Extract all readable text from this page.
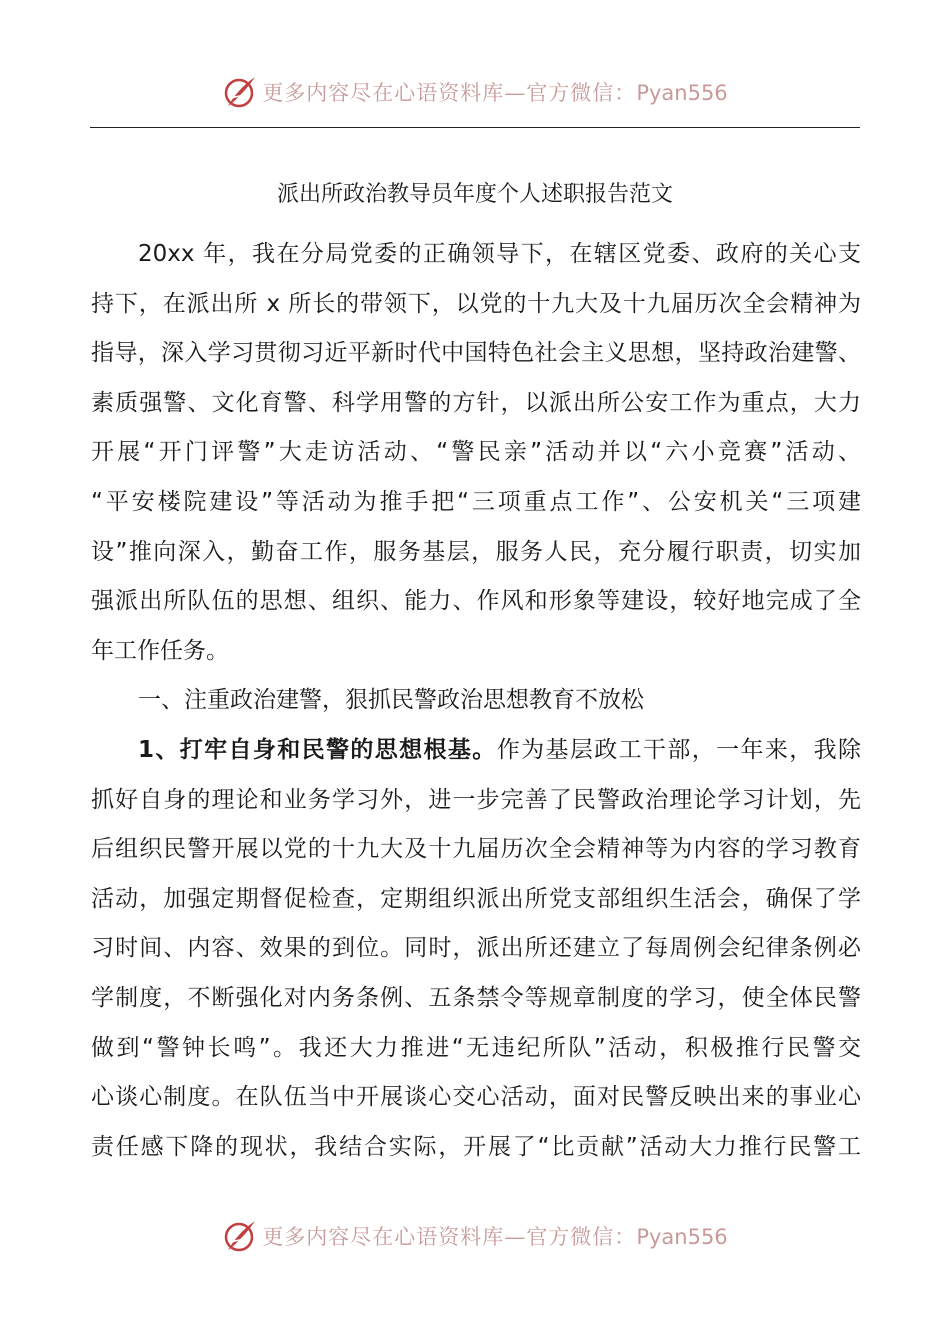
更多内容尽在心语资料库—官方微信：Pyan556
派出所政治教导员年度个人述职报告范文
20xx 年，我在分局党委的正确领导下，在辖区党委、政府的关心支
持下，在派出所 x 所长的带领下，以党的十九大及十九届历次全会精神为
指导，深入学习贯彻习近平新时代中国特色社会主义思想，坚持政治建警、
素质强警、文化育警、科学用警的方针，以派出所公安工作为重点，大力
开展“开门评警”大走访活动、“警民亲”活动并以“六小竞赛”活动、
“平安楼院建设”等活动为推手把“三项重点工作”、公安机关“三项建
设”推向深入，勤奋工作，服务基层，服务人民，充分履行职责，切实加
强派出所队伍的思想、组织、能力、作风和形象等建设，较好地完成了全
年工作任务。
一、注重政治建警，狠抓民警政治思想教育不放松
1、打牢自身和民警的思想根基。作为基层政工干部，一年来，我除
抓好自身的理论和业务学习外，进一步完善了民警政治理论学习计划，先
后组织民警开展以党的十九大及十九届历次全会精神等为内容的学习教育
活动，加强定期督促检查，定期组织派出所党支部组织生活会，确保了学
习时间、内容、效果的到位。同时，派出所还建立了每周例会纪律条例必
学制度，不断强化对内务条例、五条禁令等规章制度的学习，使全体民警
做到“警钟长鸣”。我还大力推进“无违纪所队”活动，积极推行民警交
心谈心制度。在队伍当中开展谈心交心活动，面对民警反映出来的事业心
责任感下降的现状，我结合实际，开展了“比贡献”活动大力推行民警工
更多内容尽在心语资料库—官方微信：Pyan556
